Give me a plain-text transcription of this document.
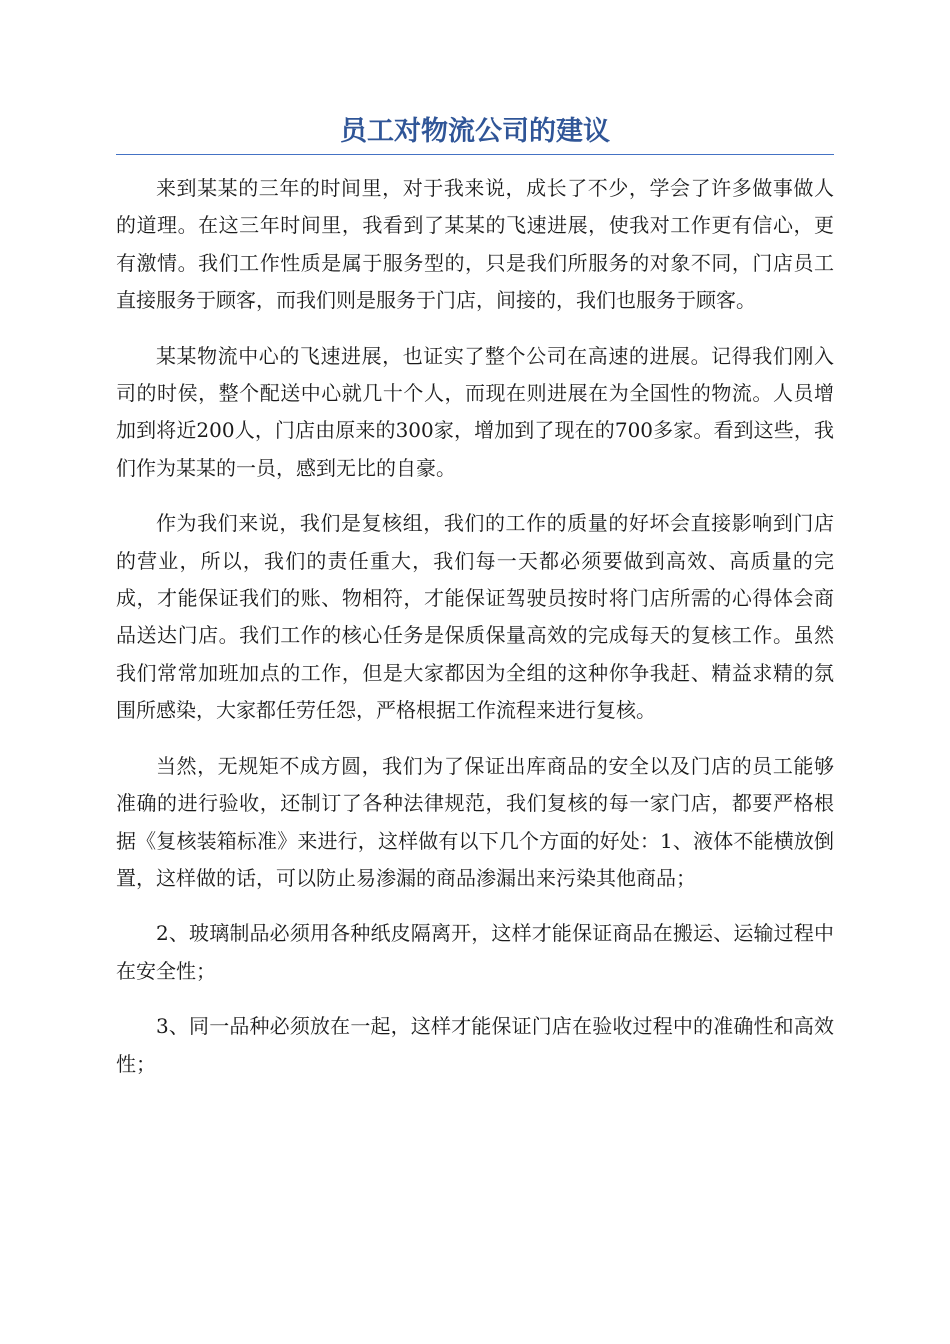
员工对物流公司的建议

来到某某的三年的时间里，对于我来说，成长了不少，学会了许多做事做人的道理。在这三年时间里，我看到了某某的飞速进展，使我对工作更有信心，更有激情。我们工作性质是属于服务型的，只是我们所服务的对象不同，门店员工直接服务于顾客，而我们则是服务于门店，间接的，我们也服务于顾客。

某某物流中心的飞速进展，也证实了整个公司在高速的进展。记得我们刚入司的时侯，整个配送中心就几十个人，而现在则进展在为全国性的物流。人员增加到将近200人，门店由原来的300家，增加到了现在的700多家。看到这些，我们作为某某的一员，感到无比的自豪。

作为我们来说，我们是复核组，我们的工作的质量的好坏会直接影响到门店的营业，所以，我们的责任重大，我们每一天都必须要做到高效、高质量的完成，才能保证我们的账、物相符，才能保证驾驶员按时将门店所需的心得体会商品送达门店。我们工作的核心任务是保质保量高效的完成每天的复核工作。虽然我们常常加班加点的工作，但是大家都因为全组的这种你争我赶、精益求精的氛围所感染，大家都任劳任怨，严格根据工作流程来进行复核。

当然，无规矩不成方圆，我们为了保证出库商品的安全以及门店的员工能够准确的进行验收，还制订了各种法律规范，我们复核的每一家门店，都要严格根据《复核装箱标准》来进行，这样做有以下几个方面的好处：1、液体不能横放倒置，这样做的话，可以防止易渗漏的商品渗漏出来污染其他商品；

2、玻璃制品必须用各种纸皮隔离开，这样才能保证商品在搬运、运输过程中在安全性；

3、同一品种必须放在一起，这样才能保证门店在验收过程中的准确性和高效性；
